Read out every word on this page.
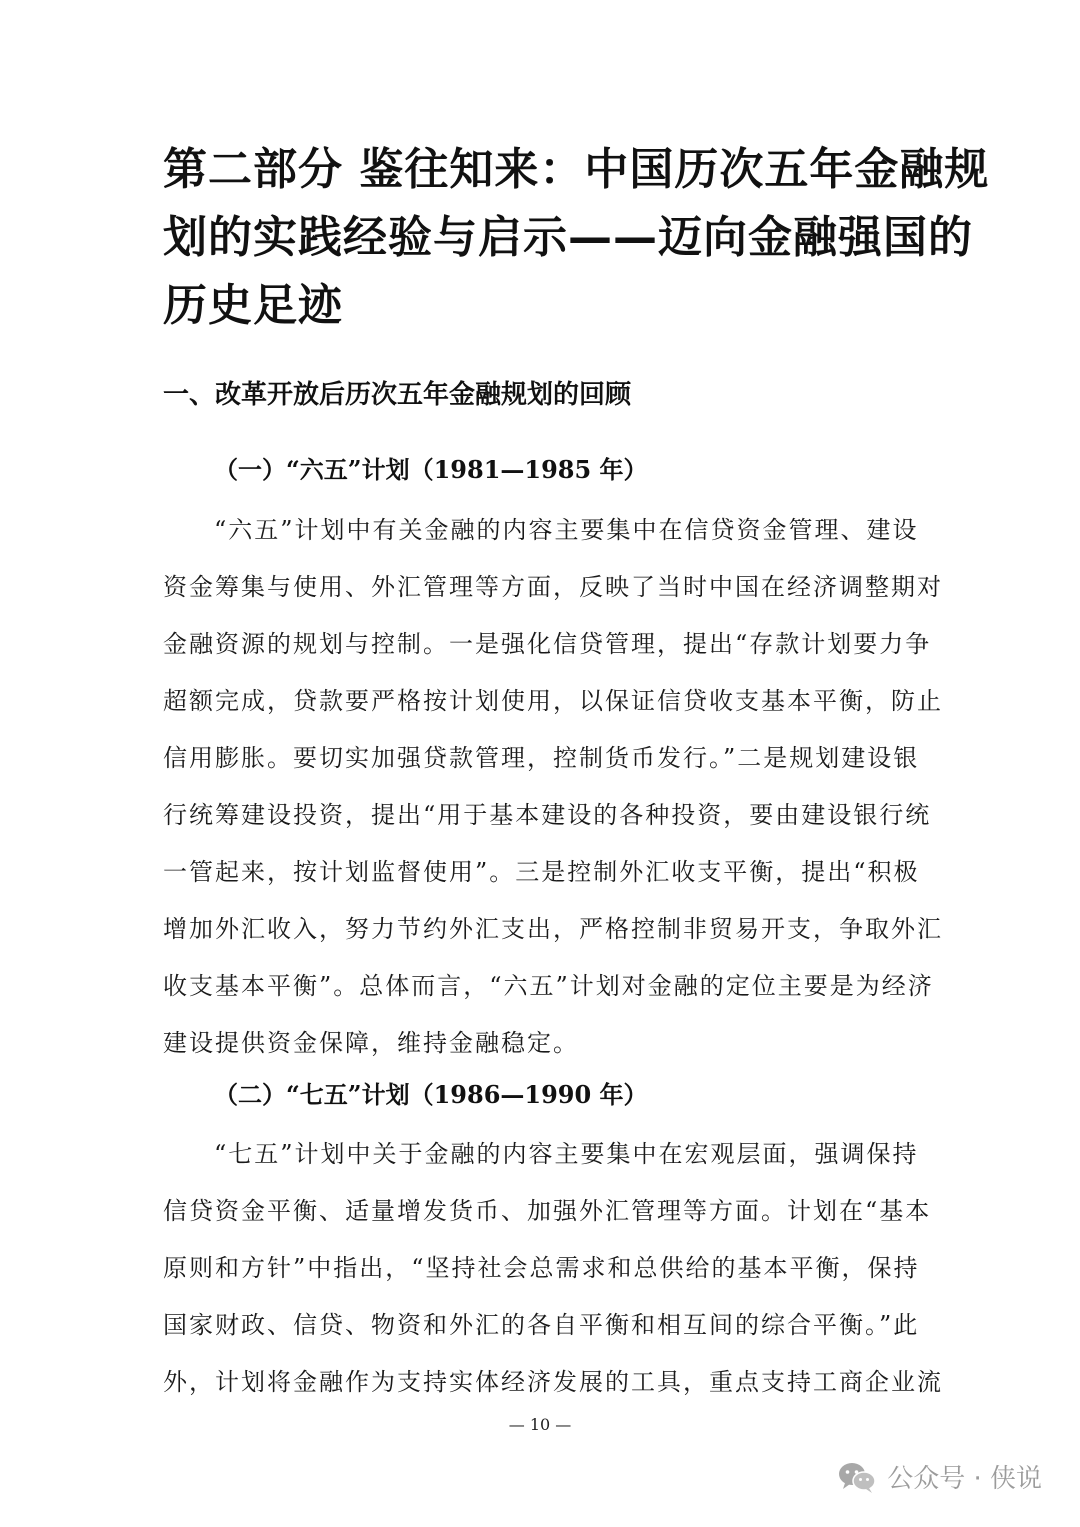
第二部分 鉴往知来：中国历次五年金融规
划的实践经验与启示——迈向金融强国的
历史足迹
一、改革开放后历次五年金融规划的回顾
（一）“六五”计划（1981—1985 年）
“六五”计划中有关金融的内容主要集中在信贷资金管理、建设
资金筹集与使用、外汇管理等方面，反映了当时中国在经济调整期对
金融资源的规划与控制。一是强化信贷管理，提出“存款计划要力争
超额完成，贷款要严格按计划使用，以保证信贷收支基本平衡，防止
信用膨胀。要切实加强贷款管理，控制货币发行。”二是规划建设银
行统筹建设投资，提出“用于基本建设的各种投资，要由建设银行统
一管起来，按计划监督使用”。三是控制外汇收支平衡，提出“积极
增加外汇收入，努力节约外汇支出，严格控制非贸易开支，争取外汇
收支基本平衡”。总体而言，“六五”计划对金融的定位主要是为经济
建设提供资金保障，维持金融稳定。
（二）“七五”计划（1986—1990 年）
“七五”计划中关于金融的内容主要集中在宏观层面，强调保持
信贷资金平衡、适量增发货币、加强外汇管理等方面。计划在“基本
原则和方针”中指出，“坚持社会总需求和总供给的基本平衡，保持
国家财政、信贷、物资和外汇的各自平衡和相互间的综合平衡。”此
外，计划将金融作为支持实体经济发展的工具，重点支持工商企业流
— 10 —
公众号 · 侠说
